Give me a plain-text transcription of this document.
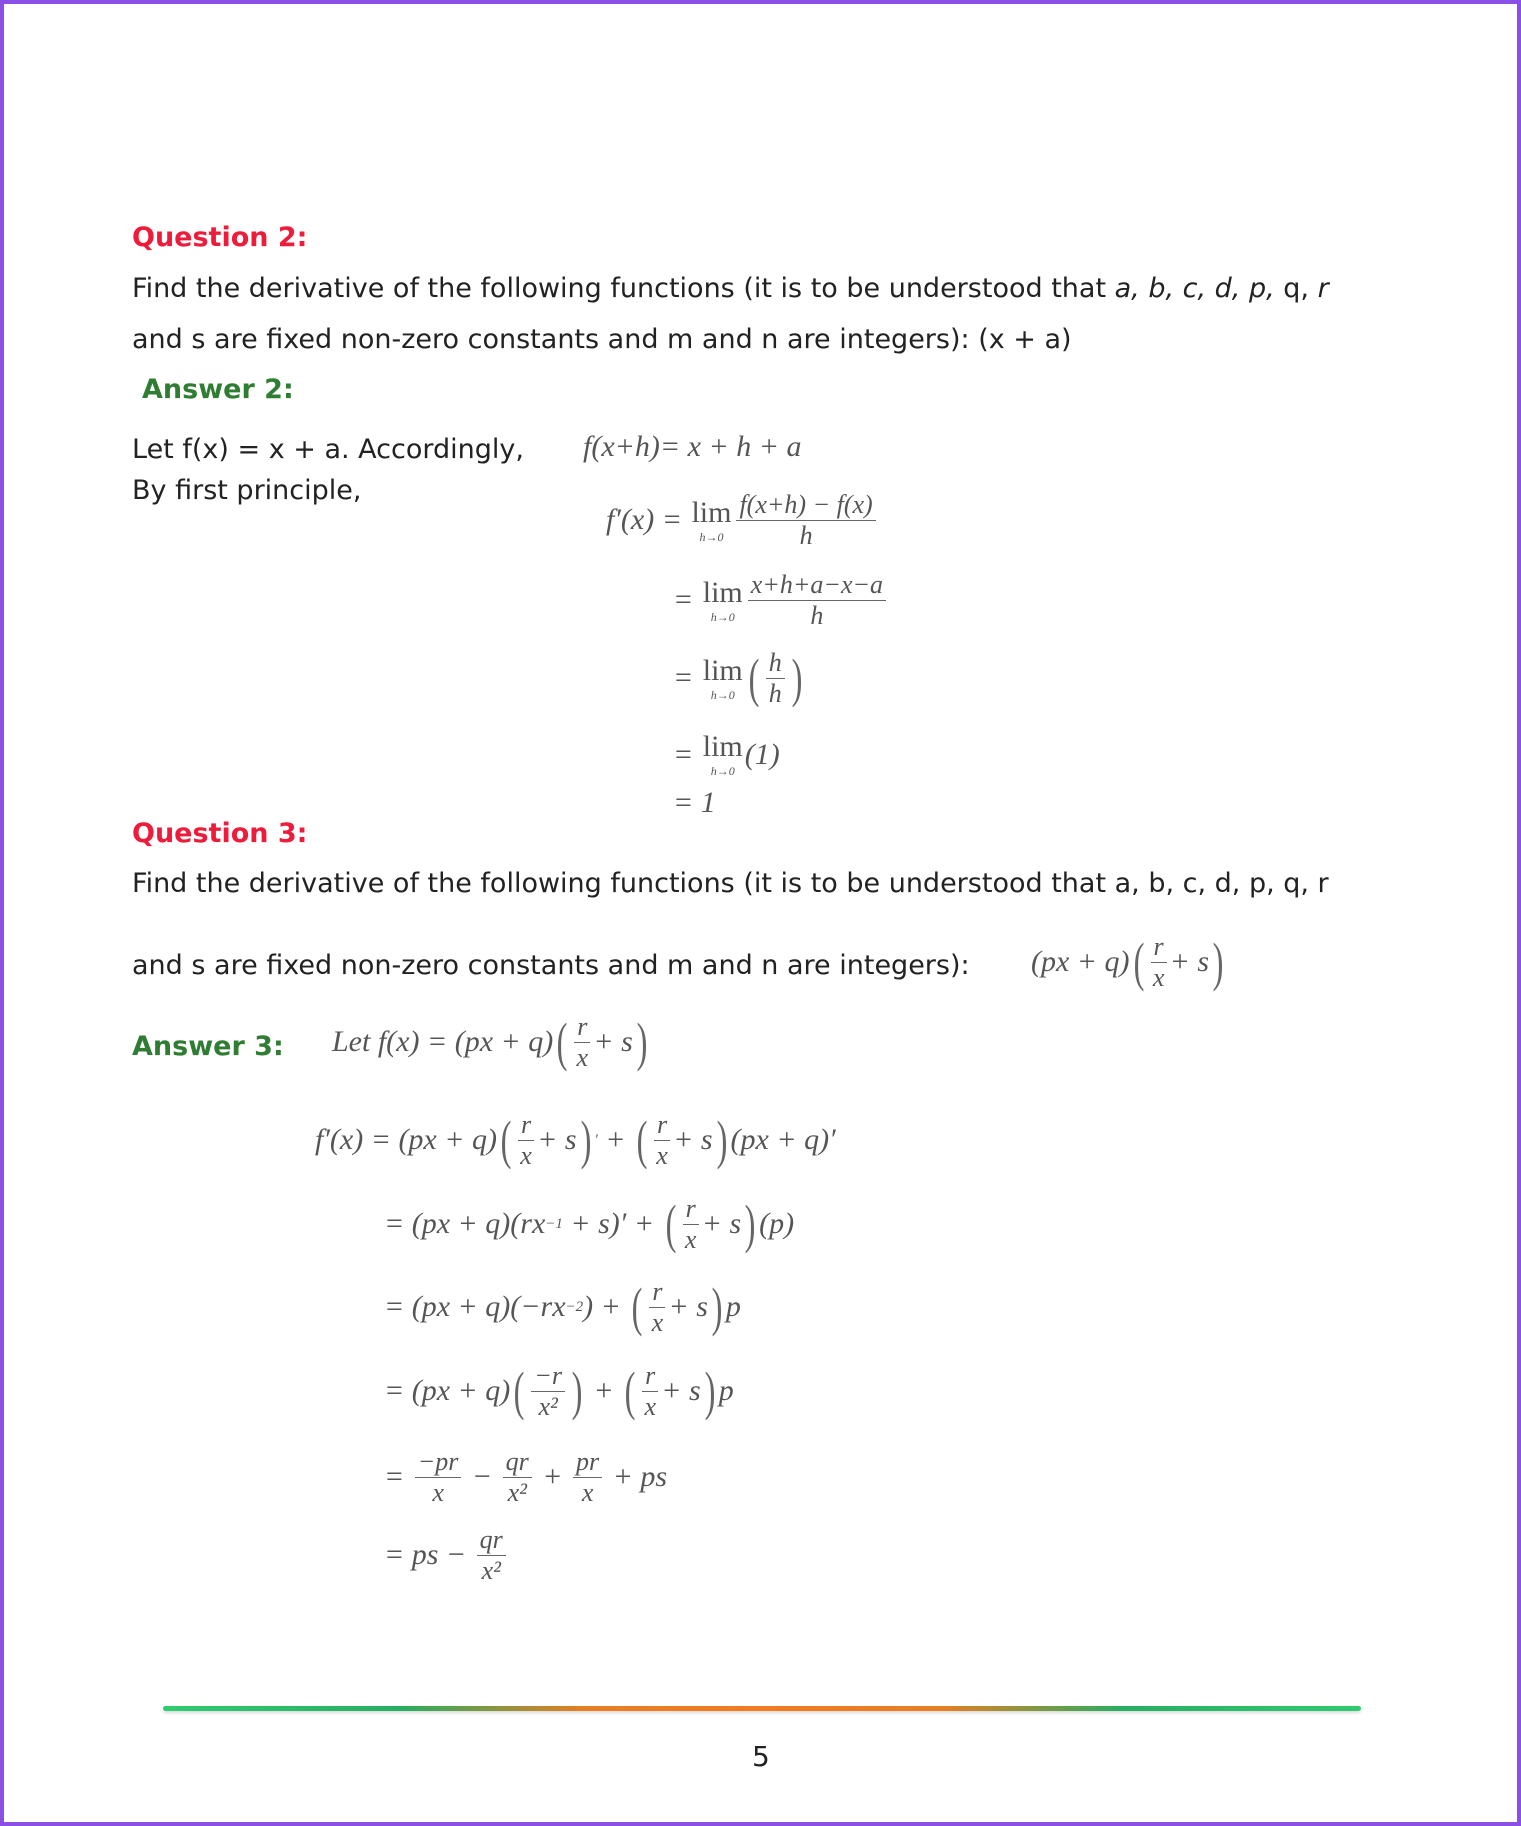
Question 2:
Find the derivative of the following functions (it is to be understood that a, b, c, d, p, q, r
and s are fixed non-zero constants and m and n are integers): (x + a)
Answer 2:
Let f(x) = x + a. Accordingly,
By first principle,
f ( x+h ) = x + h + a
f′(x) = lim
$h\to 0 \frac{f(x+h) - f(x)}{h}$
= lim
$h\to 0 \frac{x+h+a-x-a}{h}$
= lim
h→0 ( $\frac{h}{h}$ )
= lim
h→0
(1)
= 1
Question 3:
Find the derivative of the following functions (it is to be understood that a, b, c, d, p, q, r
and s are fixed non-zero constants and m and n are integers): (px + q) ( $\frac{r}{x} + s$ )
Answer 3: Let f(x) = (px + q) ( $\frac{r}{x} + s$ )
f′(x) = (px + q) ( $\frac{r}{x} + s$ ) ′ + ( $\frac{r}{x} + s$ ) (px + q)′
= (px + q)(rx −1 + s)′ + ( $\frac{r}{x} + s$ ) (p)
= (px + q)(−rx −2 ) + ( $\frac{r}{x} + s$ ) p
= (px + q) ( $\frac{-r}{\text{x²}}$ ) + ( $\frac{r}{x} + s$ ) p
= $\frac{-pr}{x} - \frac{qr}{\text{x²}} + \frac{pr}{x}$ + ps
= ps − $\frac{qr}{\text{x²}}$
5
